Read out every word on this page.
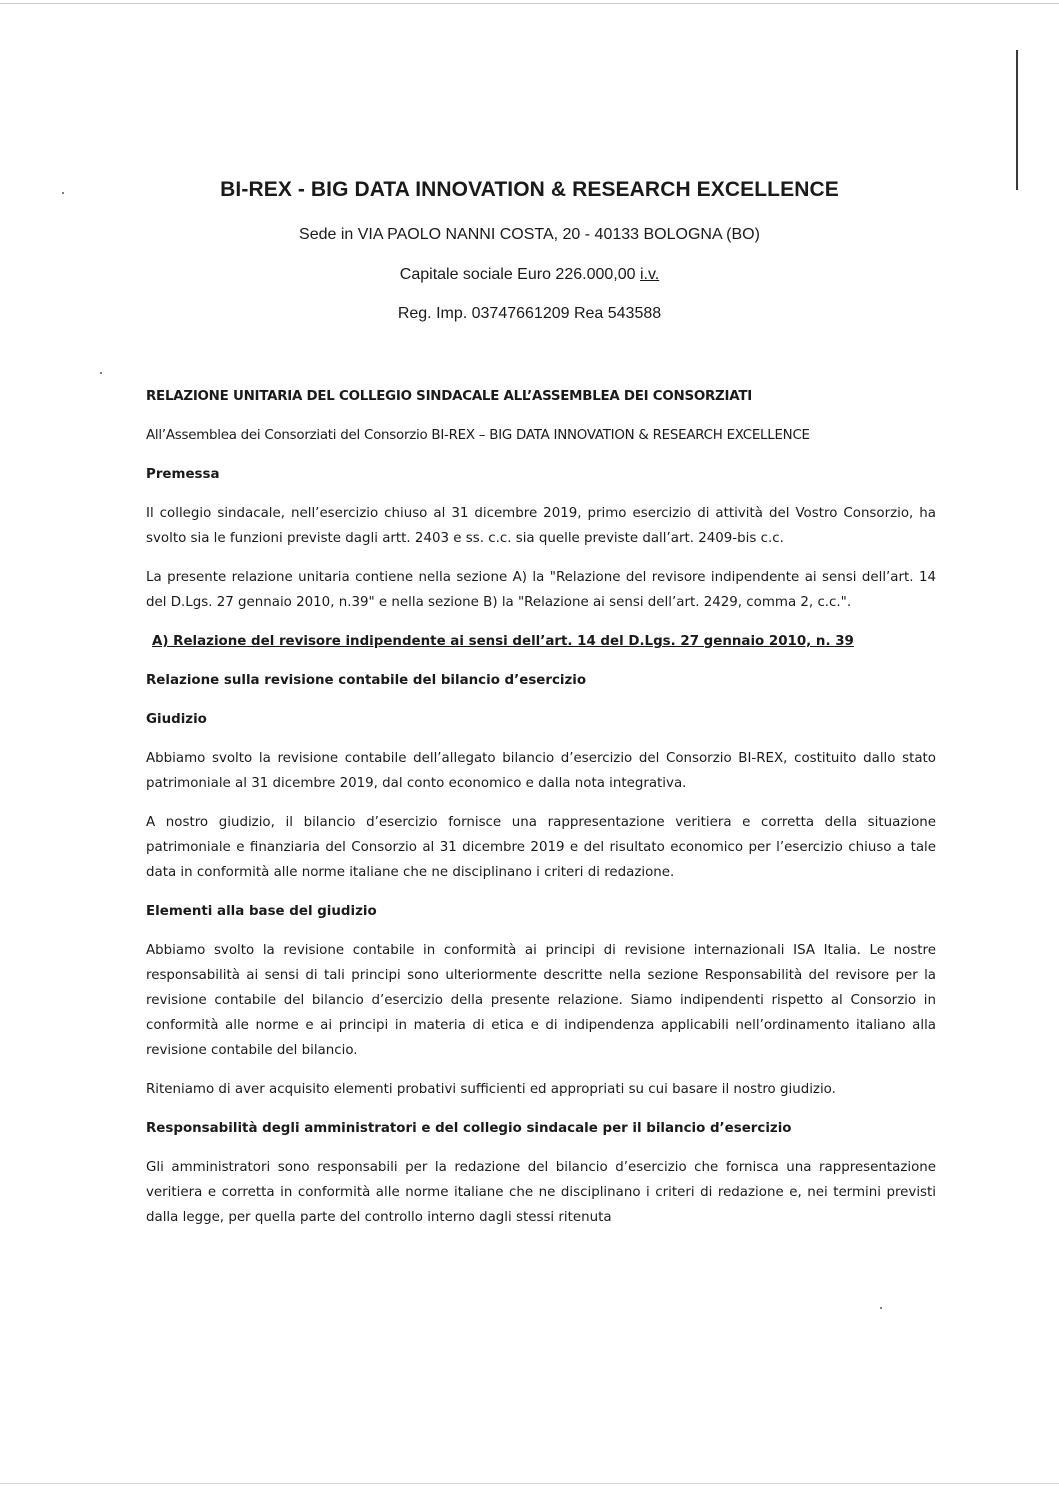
BI-REX - BIG DATA INNOVATION & RESEARCH EXCELLENCE
Sede in VIA PAOLO NANNI COSTA, 20 - 40133 BOLOGNA (BO)
Capitale sociale Euro 226.000,00 i.v.
Reg. Imp. 03747661209 Rea 543588

RELAZIONE UNITARIA DEL COLLEGIO SINDACALE ALL’ASSEMBLEA DEI CONSORZIATI

All’Assemblea dei Consorziati del Consorzio BI-REX – BIG DATA INNOVATION & RESEARCH EXCELLENCE

Premessa

Il collegio sindacale, nell’esercizio chiuso al 31 dicembre 2019, primo esercizio di attività del Vostro Consorzio, ha svolto sia le funzioni previste dagli artt. 2403 e ss. c.c. sia quelle previste dall’art. 2409-bis c.c.

La presente relazione unitaria contiene nella sezione A) la "Relazione del revisore indipendente ai sensi dell’art. 14 del D.Lgs. 27 gennaio 2010, n.39" e nella sezione B) la "Relazione ai sensi dell’art. 2429, comma 2, c.c.".

A) Relazione del revisore indipendente ai sensi dell’art. 14 del D.Lgs. 27 gennaio 2010, n. 39

Relazione sulla revisione contabile del bilancio d’esercizio

Giudizio

Abbiamo svolto la revisione contabile dell’allegato bilancio d’esercizio del Consorzio BI-REX, costituito dallo stato patrimoniale al 31 dicembre 2019, dal conto economico e dalla nota integrativa.

A nostro giudizio, il bilancio d’esercizio fornisce una rappresentazione veritiera e corretta della situazione patrimoniale e finanziaria del Consorzio al 31 dicembre 2019 e del risultato economico per l’esercizio chiuso a tale data in conformità alle norme italiane che ne disciplinano i criteri di redazione.

Elementi alla base del giudizio

Abbiamo svolto la revisione contabile in conformità ai principi di revisione internazionali ISA Italia. Le nostre responsabilità ai sensi di tali principi sono ulteriormente descritte nella sezione Responsabilità del revisore per la revisione contabile del bilancio d’esercizio della presente relazione. Siamo indipendenti rispetto al Consorzio in conformità alle norme e ai principi in materia di etica e di indipendenza applicabili nell’ordinamento italiano alla revisione contabile del bilancio.

Riteniamo di aver acquisito elementi probativi sufficienti ed appropriati su cui basare il nostro giudizio.

Responsabilità degli amministratori e del collegio sindacale per il bilancio d’esercizio

Gli amministratori sono responsabili per la redazione del bilancio d’esercizio che fornisca una rappresentazione veritiera e corretta in conformità alle norme italiane che ne disciplinano i criteri di redazione e, nei termini previsti dalla legge, per quella parte del controllo interno dagli stessi ritenuta
